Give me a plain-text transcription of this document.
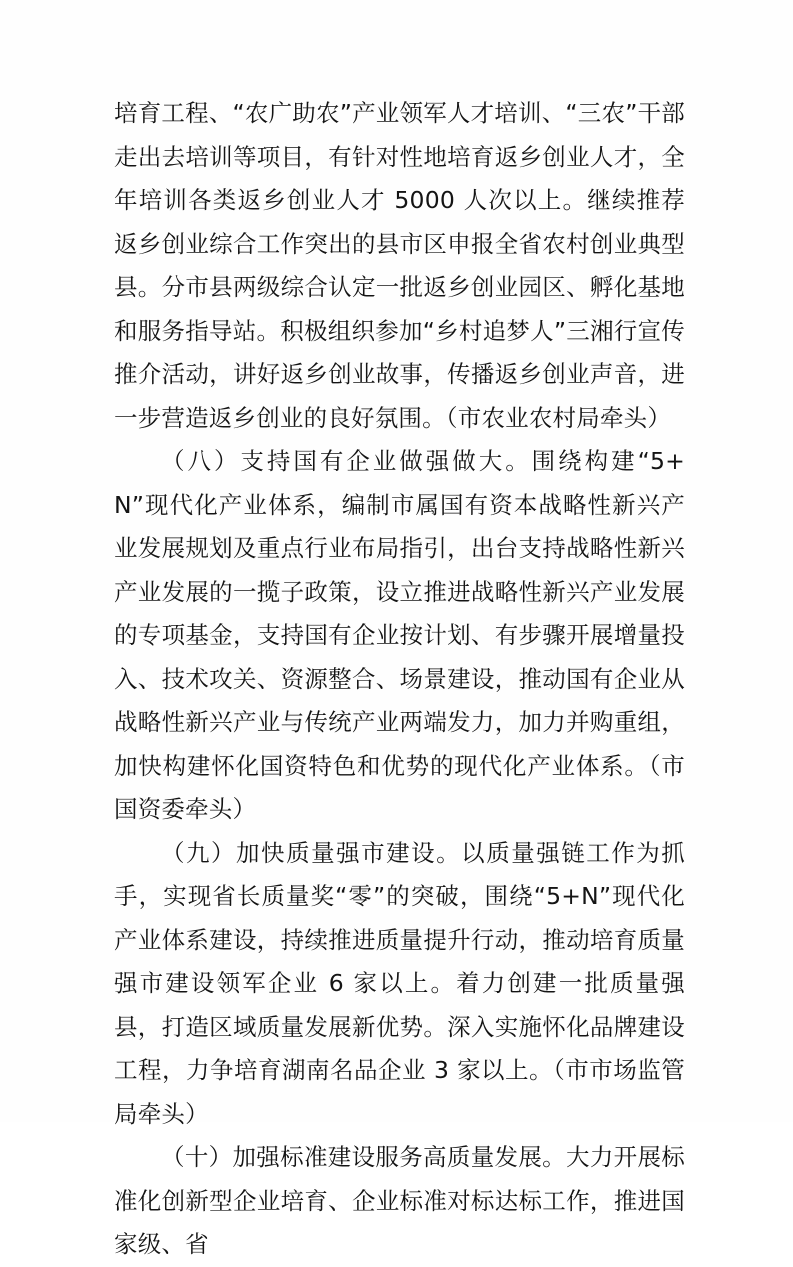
培育工程、“农广助农”产业领军人才培训、“三农”干部走出去培训等项目，有针对性地培育返乡创业人才，全年培训各类返乡创业人才 5000 人次以上。继续推荐返乡创业综合工作突出的县市区申报全省农村创业典型县。分市县两级综合认定一批返乡创业园区、孵化基地和服务指导站。积极组织参加“乡村追梦人”三湘行宣传推介活动，讲好返乡创业故事，传播返乡创业声音，进一步营造返乡创业的良好氛围。（市农业农村局牵头）

（八）支持国有企业做强做大。围绕构建“5+N”现代化产业体系，编制市属国有资本战略性新兴产业发展规划及重点行业布局指引，出台支持战略性新兴产业发展的一揽子政策，设立推进战略性新兴产业发展的专项基金，支持国有企业按计划、有步骤开展增量投入、技术攻关、资源整合、场景建设，推动国有企业从战略性新兴产业与传统产业两端发力，加力并购重组，加快构建怀化国资特色和优势的现代化产业体系。（市国资委牵头）

（九）加快质量强市建设。以质量强链工作为抓手，实现省长质量奖“零”的突破，围绕“5+N”现代化产业体系建设，持续推进质量提升行动，推动培育质量强市建设领军企业 6 家以上。着力创建一批质量强县，打造区域质量发展新优势。深入实施怀化品牌建设工程，力争培育湖南名品企业 3 家以上。（市市场监管局牵头）

（十）加强标准建设服务高质量发展。大力开展标准化创新型企业培育、企业标准对标达标工作，推进国家级、省
